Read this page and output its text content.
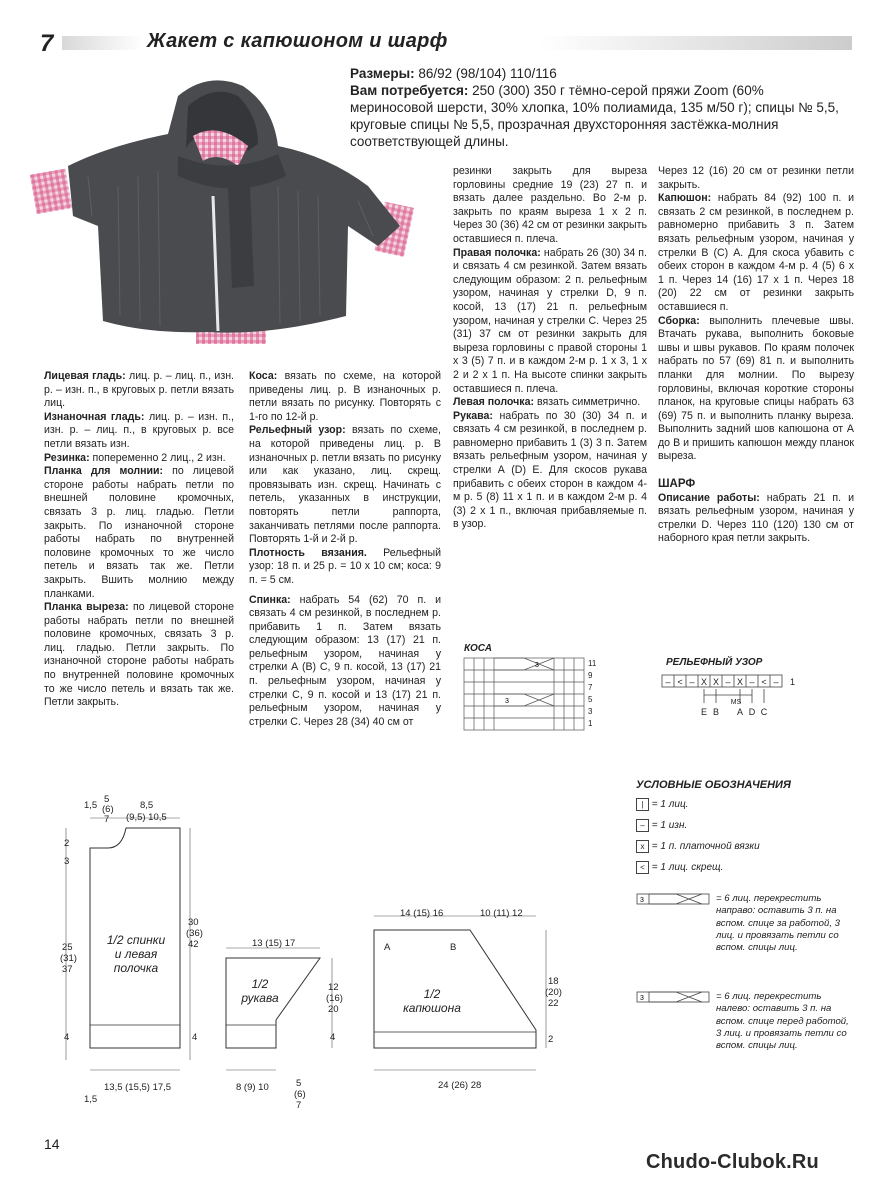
7	Жакет с капюшоном и шарф
Размеры: 86/92 (98/104) 110/116
Вам потребуется: 250 (300) 350 г тёмно-серой пряжи Zoom (60% мериносовой шерсти, 30% хлопка, 10% полиамида, 135 м/50 г); спицы № 5,5, круговые спицы № 5,5, прозрачная двухсторонняя застёжка-молния соответствующей длины.

Лицевая гладь: лиц. р. – лиц. п., изн. р. – изн. п., в круговых р. петли вязать лиц.

Изнаночная гладь: лиц. р. – изн. п., изн. р. – лиц. п., в круговых р. все петли вязать изн.

Резинка: попеременно 2 лиц., 2 изн.

Планка для молнии: по лицевой стороне работы набрать петли по внешней половине кромочных, связать 3 р. лиц. гладью. Петли закрыть. По изнаночной стороне работы набрать по внутренней половине кромочных то же число петель и вязать так же. Петли закрыть. Вшить молнию между планками.

Планка выреза: по лицевой стороне работы набрать петли по внешней половине кромочных, связать 3 р. лиц. гладью. Петли закрыть. По изнаночной стороне работы набрать по внутренней половине кромочных то же число петель и вязать так же. Петли закрыть.

Коса: вязать по схеме, на которой приведены лиц. р. В изнаночных р. петли вязать по рисунку. Повторять с 1-го по 12-й р.

Рельефный узор: вязать по схеме, на которой приведены лиц. р. В изнаночных р. петли вязать по рисунку или как указано, лиц. скрещ. провязывать изн. скрещ. Начинать с петель, указанных в инструкции, повторять петли раппорта, заканчивать петлями после раппорта. Повторять 1-й и 2-й р.

Плотность вязания. Рельефный узор: 18 п. и 25 р. = 10 х 10 см; коса: 9 п. = 5 см.

Спинка: набрать 54 (62) 70 п. и связать 4 см резинкой, в последнем р. прибавить 1 п. Затем вязать следующим образом: 13 (17) 21 п. рельефным узором, начиная у стрелки А (В) С, 9 п. косой, 13 (17) 21 п. рельефным узором, начиная у стрелки С, 9 п. косой и 13 (17) 21 п. рельефным узором, начиная у стрелки С. Через 28 (34) 40 см от

резинки закрыть для выреза горловины средние 19 (23) 27 п. и вязать далее раздельно. Во 2-м р. закрыть по краям выреза 1 х 2 п. Через 30 (36) 42 см от резинки закрыть оставшиеся п. плеча.

Правая полочка: набрать 26 (30) 34 п. и связать 4 см резинкой. Затем вязать следующим образом: 2 п. рельефным узором, начиная у стрелки D, 9 п. косой, 13 (17) 21 п. рельефным узором, начиная у стрелки С. Через 25 (31) 37 см от резинки закрыть для выреза горловины с правой стороны 1 х 3 (5) 7 п. и в каждом 2-м р. 1 х 3, 1 х 2 и 2 х 1 п. На высоте спинки закрыть оставшиеся п. плеча.

Левая полочка: вязать симметрично.

Рукава: набрать по 30 (30) 34 п. и связать 4 см резинкой, в последнем р. равномерно прибавить 1 (3) 3 п. Затем вязать рельефным узором, начиная у стрелки А (D) Е. Для скосов рукава прибавить с обеих сторон в каждом 4-м р. 5 (8) 11 х 1 п. и в каждом 2-м р. 4 (3) 2 х 1 п., включая прибавляемые п. в узор.

Через 12 (16) 20 см от резинки петли закрыть.

Капюшон: набрать 84 (92) 100 п. и связать 2 см резинкой, в последнем р. равномерно прибавить 3 п. Затем вязать рельефным узором, начиная у стрелки В (С) А. Для скоса убавить с обеих сторон в каждом 4-м р. 4 (5) 6 х 1 п. Через 14 (16) 17 х 1 п. Через 18 (20) 22 см от резинки закрыть оставшиеся п.

Сборка: выполнить плечевые швы. Втачать рукава, выполнить боковые швы и швы рукавов. По краям полочек набрать по 57 (69) 81 п. и выполнить планки для молнии. По вырезу горловины, включая короткие стороны планок, на круговые спицы набрать 63 (69) 75 п. и выполнить планку выреза. Выполнить задний шов капюшона от А до В и пришить капюшон между планок выреза.

ШАРФ

Описание работы: набрать 21 п. и вязать рельефным узором, начиная у стрелки D. Через 110 (120) 130 см от наборного края петли закрыть.

КОСА
3
3
11
9
7
5
3
1
РЕЛЬЕФНЫЙ УЗОР
– < – X X – X – < – 1
MS
E B A D C
УСЛОВНЫЕ ОБОЗНАЧЕНИЯ
| = 1 лиц.
– = 1 изн.
x = 1 п. платочной вязки
< = 1 лиц. скрещ.
3	= 6 лиц. перекрестить направо: оставить 3 п. на вспом. спице за работой, 3 лиц. и провязать петли со вспом. спицы лиц.
3	= 6 лиц. перекрестить налево: оставить 3 п. на вспом. спице перед работой, 3 лиц. и провязать петли со вспом. спицы лиц.
1,5
5
(6)
7
8,5
(9,5) 10,5
2
3
25
(31)
37
4
1,5
30
(36)
42
4
13,5 (15,5) 17,5
1/2 спинки
и левая
полочка
13 (15) 17
12
(16)
20
4
8 (9) 10	5
(6)
7
1/2
рукава
14 (15) 16	10 (11) 12
A	B
18
(20)
22
2
24 (26) 28
1/2
капюшона
14
Chudo-Clubok.Ru
